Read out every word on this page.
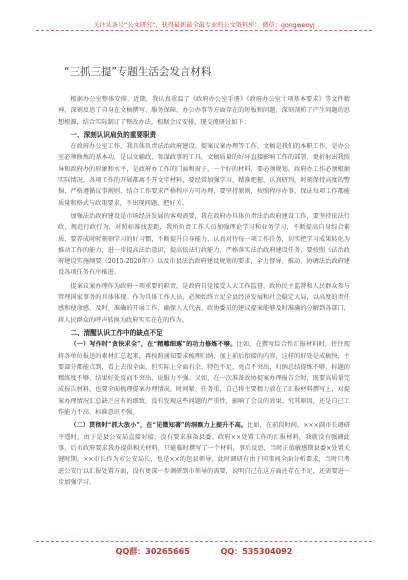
关注头条号“公文研究”，获得最新最全最专业的公文资料库！ 微信：gongwenyj
“三抓三提”专题生活会发言材料

根据办公室整体安排，近期，我认真重温了《政府办公室手册》《政府办公室十项基本要求》等文件精神，深刻反思了自身在文稿撰写、服务保障、办公办事等方面存在的短板和问题，深刻剖析了产生问题的思想根源，结合实际制订了整改办法。根据会议安排，现交流研讨如下：

一、深刻认识肩负的重要职责

在政府办公室工作，我具体负责法治政府建设、提案议案办理等工作，文稿是我们的本职工作，是办公室必须修炼的基本功，是以文辅政、参谋政事的工具，文稿质量的好坏直接影响工作的部署，更折射出我照导和政府办的形象和水平，是政府办工作的门面和窗子，一个好的材料，要必须规划。政府办工作必须根据实际情况，各项工作的开展都离不开文字材料，要经常加强学习、精准把握、认真研判，时刻保持高度的警惕，严格遵循议事规则、结合工作要求严格程序方可办理，要坚持原则，按照程序办事，保证每项工作都能质量和格式与政策要求，不出现问题，把好关。

加强法治政府建设是市场经济发展的客观需要，我在政府办具体负责法治政府建设工作，要坚持依法行政，规范行政行为，对照标准找差距，我所负责工作人员加强理论学习和业务学习，不断提高自身综合素质，要养成时时刻刻学习的好习惯，不断提升自身能力，认真对待每一项工作任务，切实把学习成果转化为推动工作的能力，进一步提高法治意识，提高依法行政能力，严格落实法治政府建设任务，要按照《法治政府建设实施纲要（2015-2020年）》以及市县法治政府建设规划的要求，全力督导、推动、协调法治政府建设各项任务有序推进。

提案议案办理作为政府一项重要的职责，是政府自觉接受人大工作监督、政协民主监督和人民群众参与管理国家事务的具体体现。作为具体工作人员，必须始终立足全县经济发展和社会稳定大局，以高度的责任感和使命感，及时、准确的开展工作，确保人大代表、政协委员的建议提案能够及时准确的分解到各部门，将人民群众的呼声转换为政府实实在在的作为。

二、清醒认识工作中的缺点不足

（一）写作时“贪快求全”，在“精雕细琢”的功力修炼不够。比如，在撰写综合性汇报材料时，往往现将各单位报送的素材汇总起来，再按照通知要求梳理归纳，加上前后衔接的内容，这样的好处是成稿快，主要部分都能点到，看上去很全面，但实际上全面有余、特色不足，亮点不突出，归纳总结提炼不够，标题的精练度不够。结果好处反而不突出，说服力不强。又如，在一次准备政协提案办理报告会时，既要高质量完成报告材料，也要全面梳理提案办理情况，时间紧、任务重，自己将主要精力放在了汇报材料撰写上，对提案办理情况汇总缺乏应有的细致，没有发现这些问题的严重性，影响了会议的效果。究其原因，还是自己工作能力不高、标准意识不强。
（二）贯彻时“抓大放小”，在“见微知著”的洞察力上提升不高。比如，在前段时间，×××副市长调研平遥时，由于是县公安局直接对接，没有要求准备县委、政府××处置工作的汇报材料，我就没有强调此事，后市政府要求我办提供相关材料，只能临时撰写了一个材料，事后反思，当时正值敏感期县委×处置关键时期，××市长作为市公安局长，也是××的包县领导，此时调研有由于同事间全面分析要求，当时只考虑公安厅以汇报处置方面，没有更深一步调研到市领导的需要，说明自己在这方面还存在不足，还需要进一步加强学习。
QQ群：30265665	QQ：535304092
